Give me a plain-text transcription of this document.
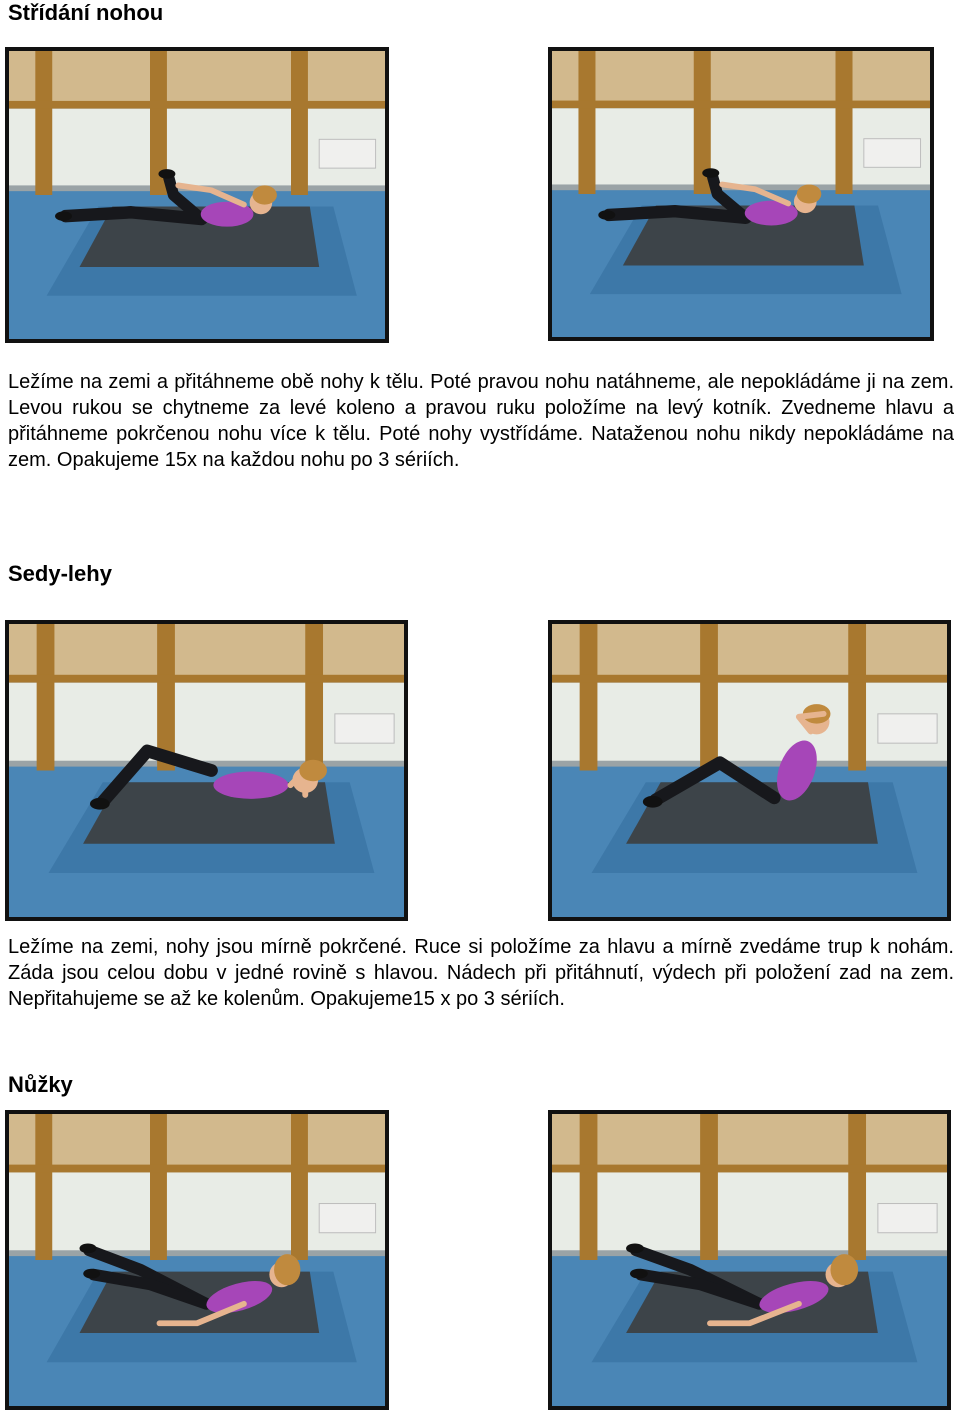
Střídání nohou

Ležíme na zemi a přitáhneme obě nohy k tělu. Poté pravou nohu natáhneme, ale nepokládáme ji na zem. Levou rukou se chytneme za levé koleno a pravou ruku položíme na levý kotník. Zvedneme hlavu a přitáhneme pokrčenou nohu více k tělu. Poté nohy vystřídáme. Nataženou nohu nikdy nepokládáme na zem. Opakujeme 15x na každou nohu po 3 sériích.

Sedy-lehy

Ležíme na zemi, nohy jsou mírně pokrčené. Ruce si položíme za hlavu a mírně zvedáme trup k nohám. Záda jsou celou dobu v jedné rovině s hlavou. Nádech při přitáhnutí, výdech při položení zad na zem. Nepřitahujeme se až ke kolenům. Opakujeme15 x po 3 sériích.

Nůžky
